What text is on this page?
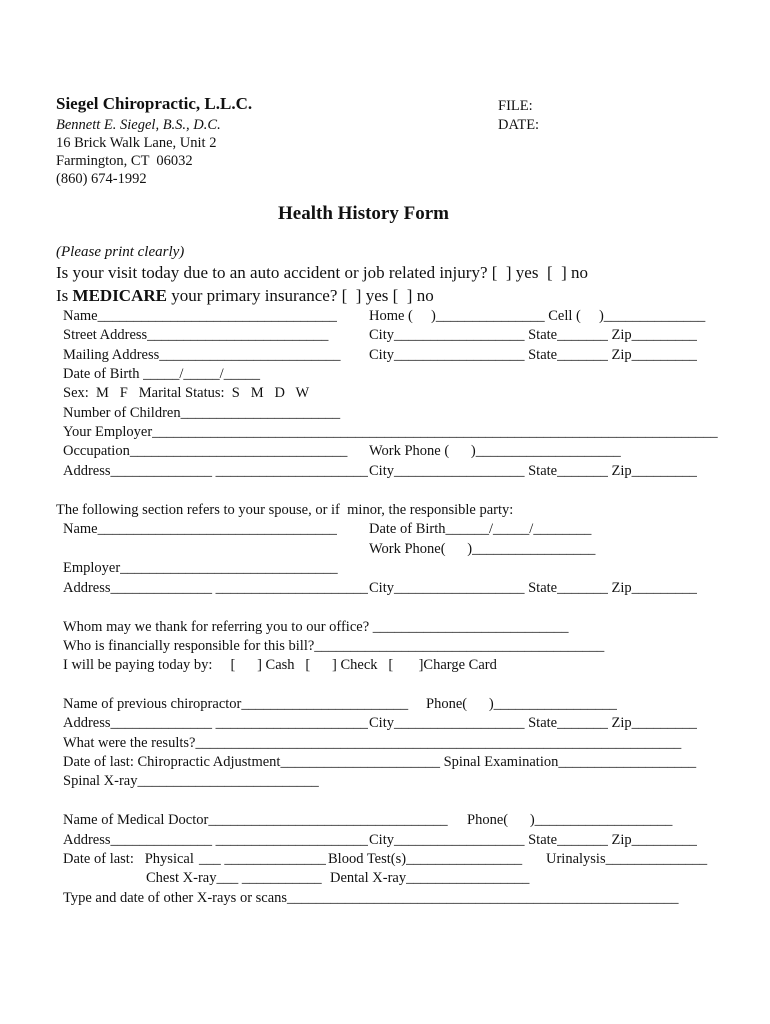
Siegel Chiropractic, L.L.C.
Bennett E. Siegel, B.S., D.C.
16 Brick Walk Lane, Unit 2
Farmington, CT  06032
(860) 674-1992
FILE:
DATE:
Health History Form
(Please print clearly)
Is your visit today due to an auto accident or job related injury? [  ] yes  [  ] no
Is MEDICARE your primary insurance? [  ] yes [  ] no
Name_________________________________ Home (     )_______________ Cell (     )______________
Street Address_________________________	City__________________ State_______ Zip_________
Mailing Address_________________________ City__________________ State_______ Zip_________
Date of Birth _____/_____/_____
Sex:  M   F   Marital Status:  S   M   D   W
Number of Children______________________
Your Employer______________________________________________________________________________
Occupation______________________________ Work Phone (      )____________________
Address______________ _____________________ City__________________ State_______ Zip_________
The following section refers to your spouse, or if  minor, the responsible party:
Name_________________________________ Date of Birth______/_____/________
Work Phone(      )_________________
Employer______________________________
Address______________ _____________________ City__________________ State_______ Zip_________
Whom may we thank for referring you to our office? ___________________________
Who is financially responsible for this bill?________________________________________
I will be paying today by:     [      ] Cash   [      ] Check   [       ]Charge Card
Name of previous chiropractor_______________________ Phone(      )_________________
Address______________ _____________________ City__________________ State_______ Zip_________
What were the results?___________________________________________________________________
Date of last: Chiropractic Adjustment______________________ Spinal Examination___________________
Spinal X-ray_________________________
Name of Medical Doctor_________________________________ Phone(      )___________________
Address______________ _____________________ City__________________ State_______ Zip_________
Date of last:   Physical ___ ______________ Blood Test(s)________________ Urinalysis______________
Chest X-ray___ ___________ Dental X-ray_________________
Type and date of other X-rays or scans______________________________________________________
